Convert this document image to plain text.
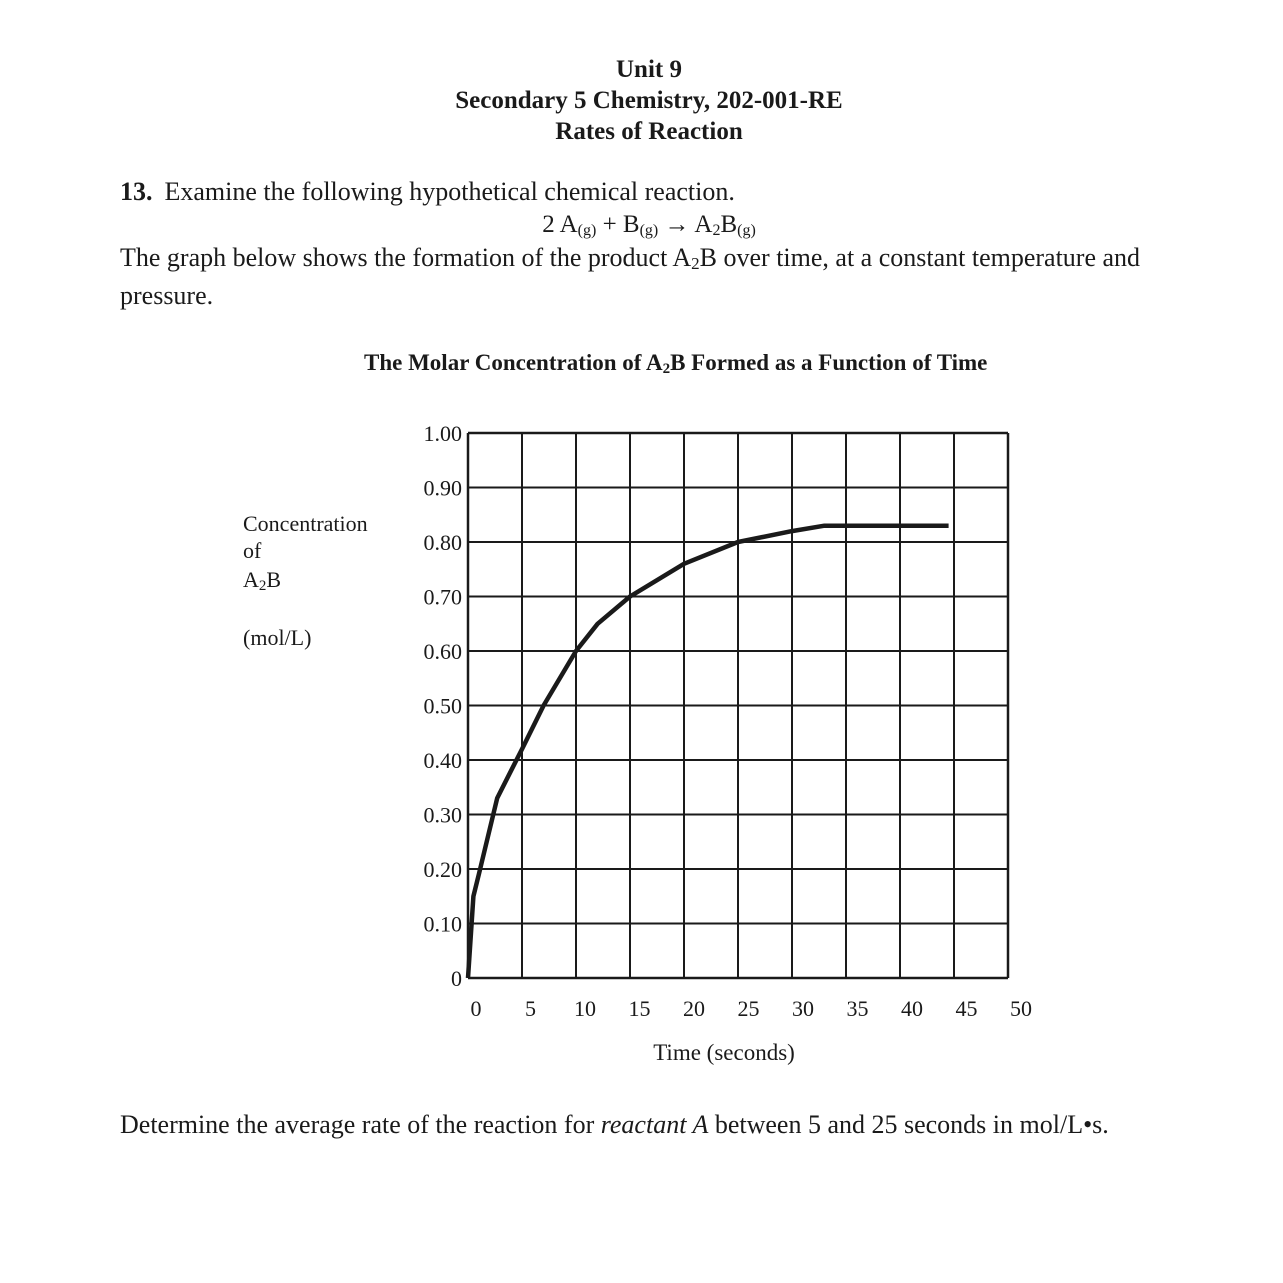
Unit 9
Secondary 5 Chemistry, 202-001-RE
Rates of Reaction
13. Examine the following hypothetical chemical reaction.
2 $A_{(g)} + B_{(g)} \to A_2B_{(g)}$
The graph below shows the formation of the product $A_2B$ over time, at a constant temperature and pressure.
The Molar Concentration of $A_2B$ Formed as a Function of Time
Concentration
of
$A_2B$
(mol/L)
0
0.10
0.20
0.30
0.40
0.50
0.60
0.70
0.80
0.90
1.00
0 5 10 15 20 25 30 35 40 45 50
Time (seconds)
Determine the average rate of the reaction for reactant A between 5 and 25 seconds in mol/L•s.
